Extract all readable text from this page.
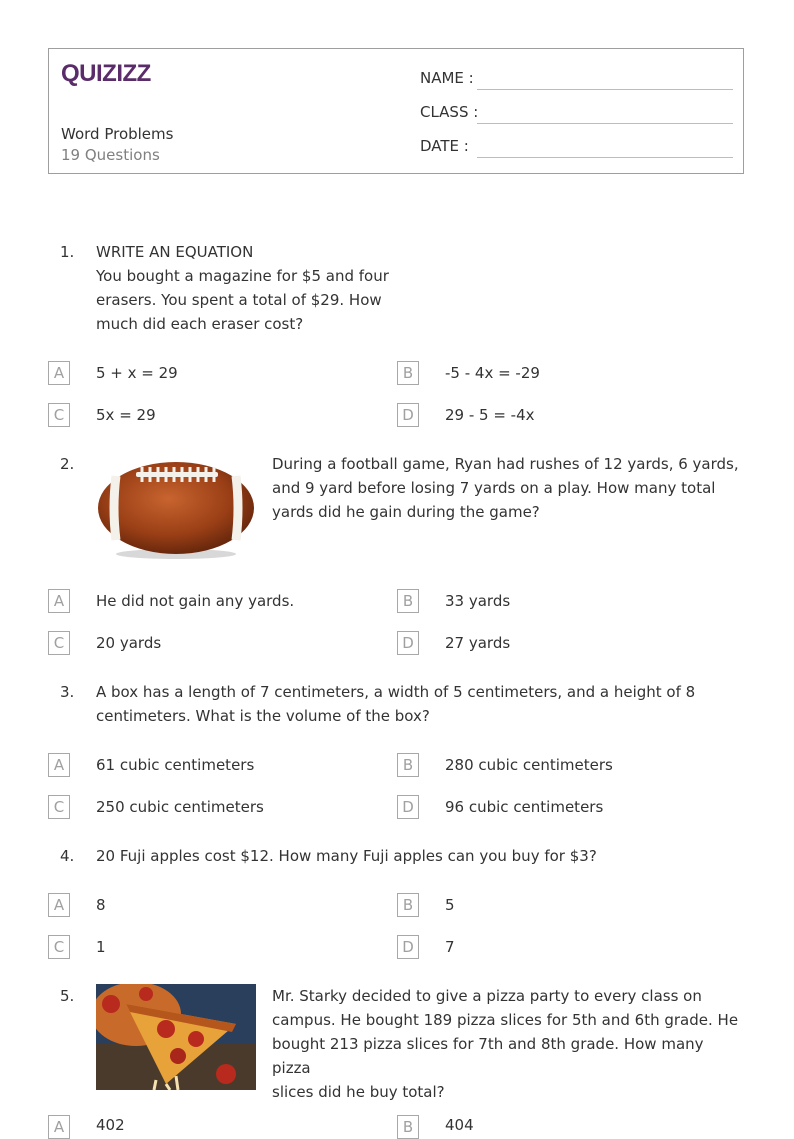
QUIZIZZ
Word Problems
19 Questions
NAME :
CLASS :
DATE :
1. WRITE AN EQUATION
You bought a magazine for $5 and four
erasers. You spent a total of $29. How
much did each eraser cost?
A	5 + x = 29	B	-5 - 4x = -29
C	5x = 29	D	29 - 5 = -4x
2.	During a football game, Ryan had rushes of 12 yards, 6 yards,
and 9 yard before losing 7 yards on a play. How many total
yards did he gain during the game?
A	He did not gain any yards.	B	33 yards
C	20 yards	D	27 yards
3. A box has a length of 7 centimeters, a width of 5 centimeters, and a height of 8
centimeters. What is the volume of the box?
A	61 cubic centimeters	B	280 cubic centimeters
C	250 cubic centimeters	D	96 cubic centimeters
4. 20 Fuji apples cost $12. How many Fuji apples can you buy for $3?
A	8	B	5
C	1	D	7
5.	Mr. Starky decided to give a pizza party to every class on
campus. He bought 189 pizza slices for 5th and 6th grade. He
bought 213 pizza slices for 7th and 8th grade. How many pizza
slices did he buy total?
A	402	B	404
